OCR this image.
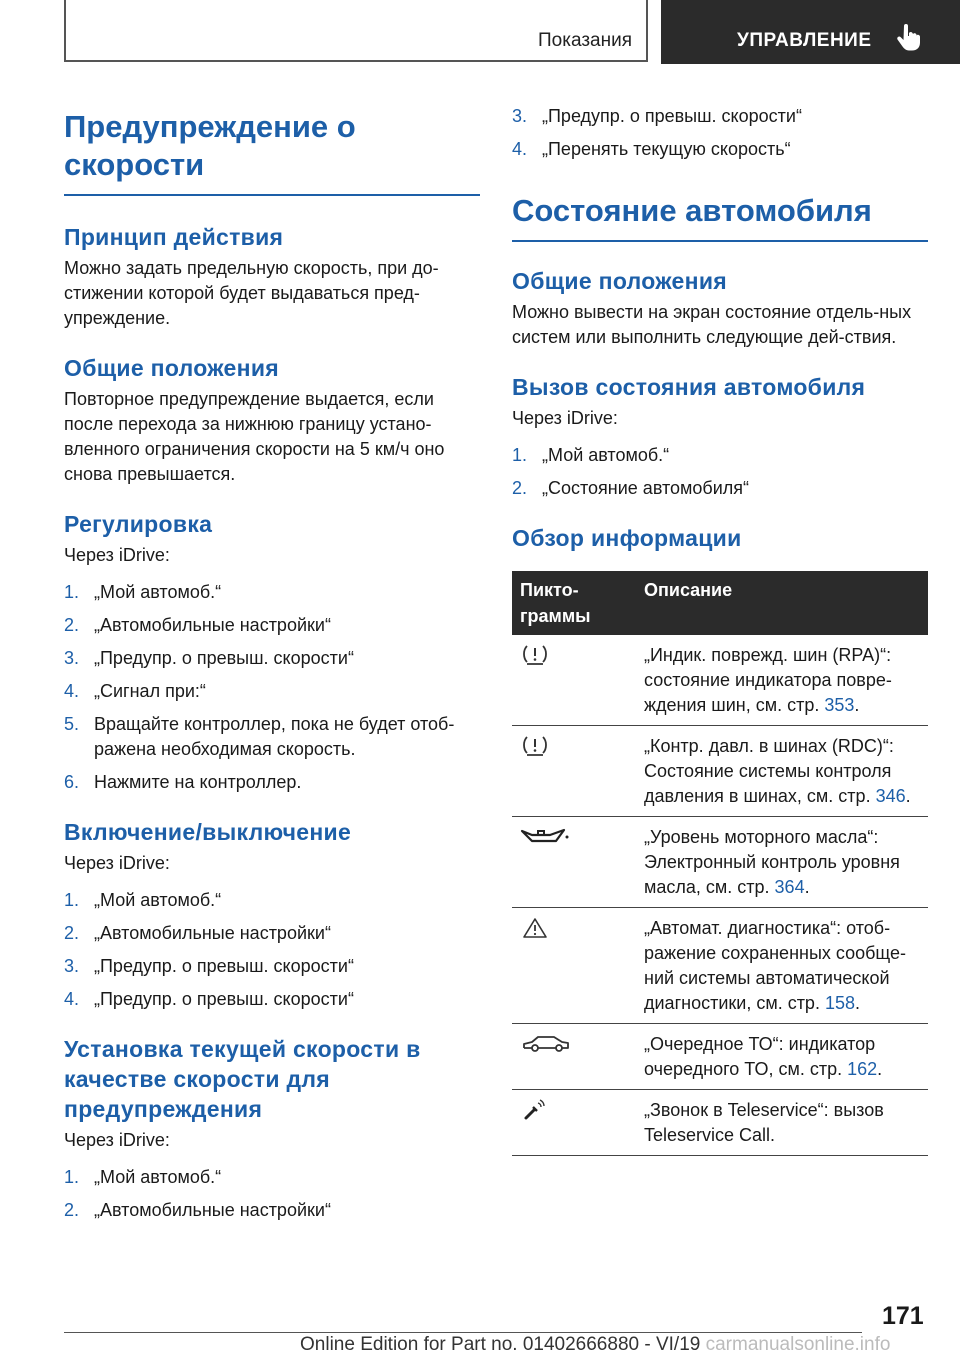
Показания	УПРАВЛЕНИЕ
Предупреждение о скорости
Принцип действия

Можно задать предельную скорость, при до-стижении которой будет выдаваться пред-упреждение.

Общие положения

Повторное предупреждение выдается, если после перехода за нижнюю границу устано-вленного ограничения скорости на 5 км/ч оно снова превышается.

Регулировка

Через iDrive:

1. „Мой автомоб.“
2. „Автомобильные настройки“
3. „Предупр. о превыш. скорости“
4. „Сигнал при:“
5. Вращайте контроллер, пока не будет отоб-ражена необходимая скорость.
6. Нажмите на контроллер.
Включение/выключение

Через iDrive:

1. „Мой автомоб.“
2. „Автомобильные настройки“
3. „Предупр. о превыш. скорости“
4. „Предупр. о превыш. скорости“
Установка текущей скорости в качестве скорости для предупреждения

Через iDrive:

1. „Мой автомоб.“
2. „Автомобильные настройки“
3. „Предупр. о превыш. скорости“
4. „Перенять текущую скорость“
Состояние автомобиля
Общие положения

Можно вывести на экран состояние отдель-ных систем или выполнить следующие дей-ствия.

Вызов состояния автомобиля

Через iDrive:

1. „Мой автомоб.“
2. „Состояние автомобиля“
Обзор информации
Пикто-граммы	Описание

	„Индик. поврежд. шин (RPA)“: состояние индикатора повре-ждения шин, см. стр. 353.

	„Контр. давл. в шинах (RDC)“: Состояние системы контроля давления в шинах, см. стр. 346.

	„Уровень моторного масла“: Электронный контроль уровня масла, см. стр. 364.

	„Автомат. диагностика“: отоб-ражение сохраненных сообще-ний системы автоматической диагностики, см. стр. 158.

	„Очередное ТО“: индикатор очередного ТО, см. стр. 162.

	„Звонок в Teleservice“: вызов Teleservice Call.
171
Online Edition for Part no. 01402666880 - VI/19 carmanualsonline.info
